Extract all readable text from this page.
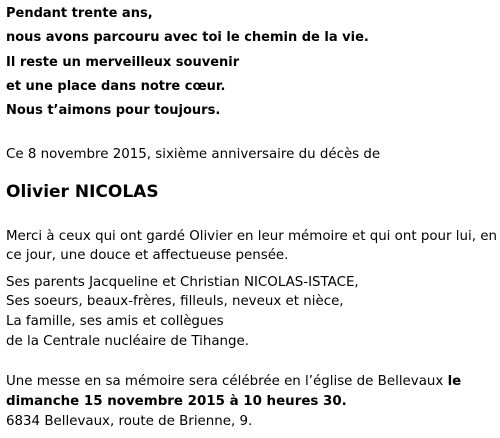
Pendant trente ans,
nous avons parcouru avec toi le chemin de la vie.
Il reste un merveilleux souvenir
et une place dans notre cœur.
Nous t’aimons pour toujours.
Ce 8 novembre 2015, sixième anniversaire du décès de
Olivier NICOLAS
Merci à ceux qui ont gardé Olivier en leur mémoire et qui ont pour lui, en
ce jour, une douce et affectueuse pensée.
Ses parents Jacqueline et Christian NICOLAS-ISTACE,
Ses soeurs, beaux-frères, filleuls, neveux et nièce,
La famille, ses amis et collègues
de la Centrale nucléaire de Tihange.
Une messe en sa mémoire sera célébrée en l’église de Bellevaux le
dimanche 15 novembre 2015 à 10 heures 30.
6834 Bellevaux, route de Brienne, 9.
